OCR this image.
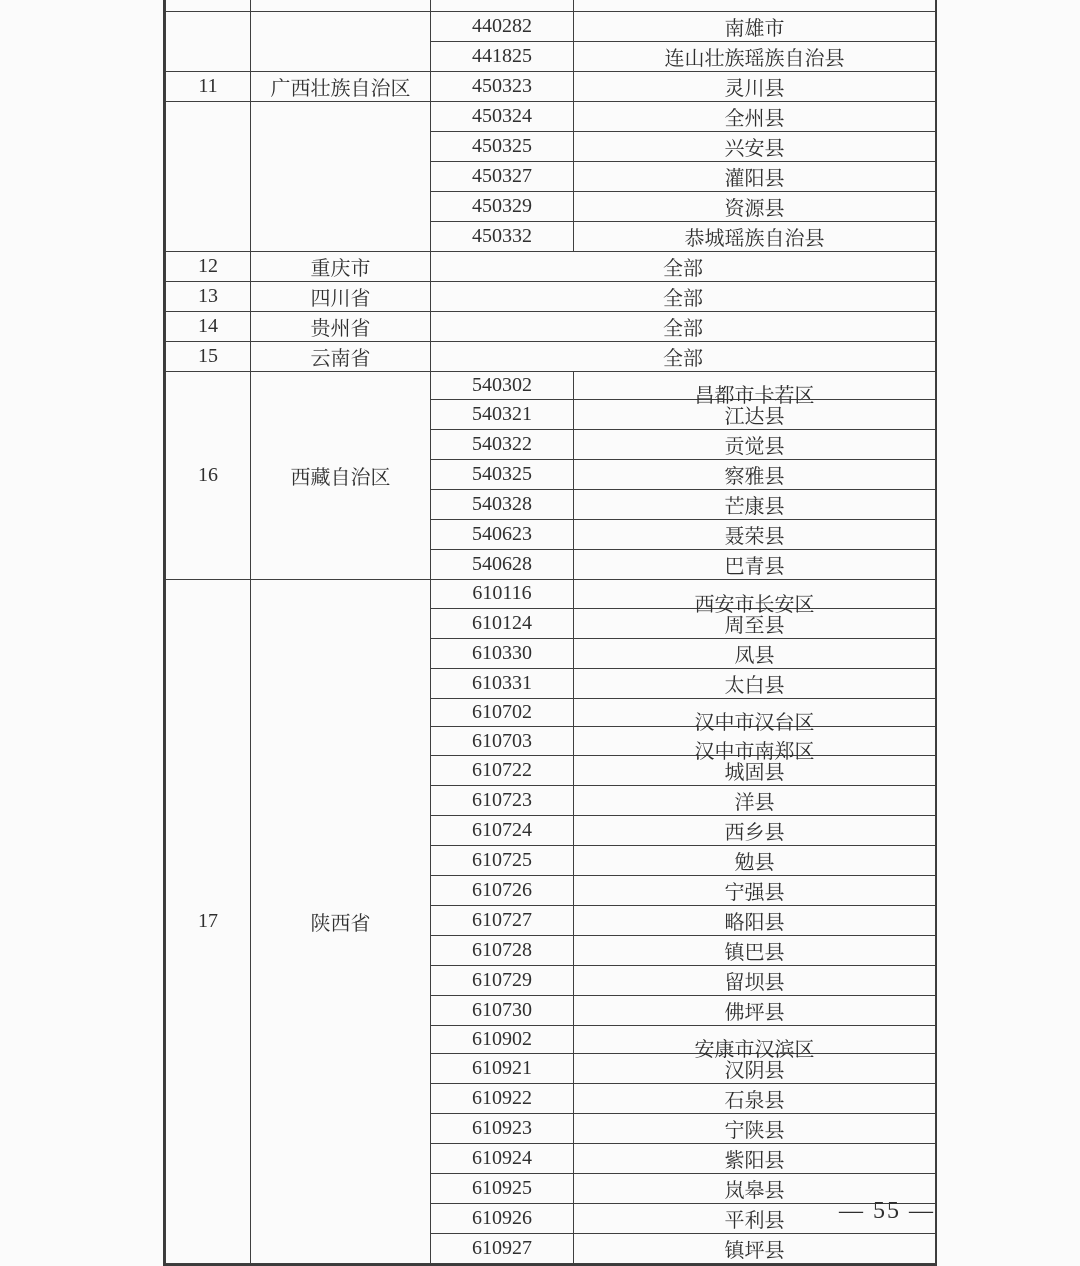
		440282	南雄市
		441825	连山壮族瑶族自治县
11	广西壮族自治区	450323	灵川县
		450324	全州县
		450325	兴安县
		450327	灌阳县
		450329	资源县
		450332	恭城瑶族自治县
12	重庆市	全部	
13	四川省	全部	
14	贵州省	全部	
15	云南省	全部	
16	西藏自治区	540302	昌都市卡若区

		540321	江达县
		540322	贡觉县
		540325	察雅县
		540328	芒康县
		540623	聂荣县
		540628	巴青县
17	陕西省	610116	西安市长安区

		610124	周至县
		610330	凤县
		610331	太白县
		610702	汉中市汉台区

		610703	汉中市南郑区

		610722	城固县
		610723	洋县
		610724	西乡县
		610725	勉县
		610726	宁强县
		610727	略阳县
		610728	镇巴县
		610729	留坝县
		610730	佛坪县
		610902	安康市汉滨区

		610921	汉阴县
		610922	石泉县
		610923	宁陕县
		610924	紫阳县
		610925	岚皋县
		610926	平利县
		610927	镇坪县
— 55 —
